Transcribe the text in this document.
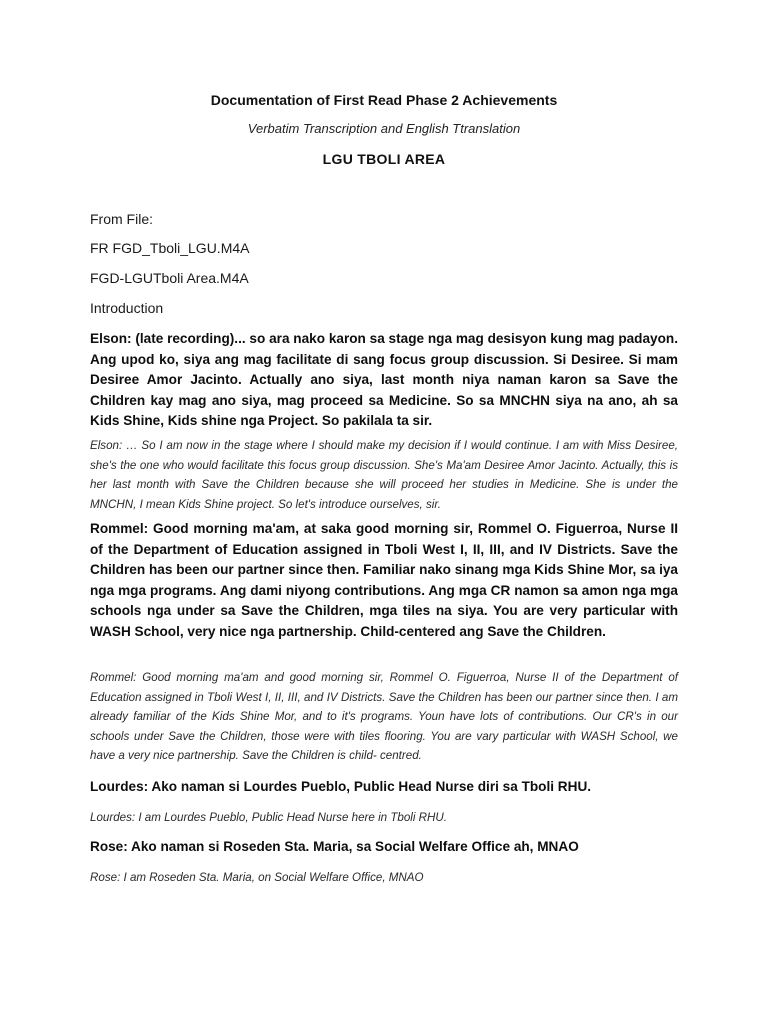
Documentation of First Read Phase 2 Achievements
Verbatim Transcription and English Ttranslation
LGU TBOLI AREA
From File:
FR FGD_Tboli_LGU.M4A
FGD-LGUTboli Area.M4A
Introduction
Elson: (late recording)... so ara nako karon sa stage nga mag desisyon kung mag padayon. Ang upod ko, siya ang mag facilitate di sang focus group discussion. Si Desiree. Si mam Desiree Amor Jacinto. Actually ano siya, last month niya naman karon sa Save the Children kay mag ano siya, mag proceed sa Medicine. So sa MNCHN siya na ano, ah sa Kids Shine, Kids shine nga Project. So pakilala ta sir.
Elson: … So I am now in the stage where I should make my decision if I would continue. I am with Miss Desiree, she's the one who would facilitate this focus group discussion. She's Ma'am Desiree Amor Jacinto. Actually, this is her last month with Save the Children because she will proceed her studies in Medicine. She is under the MNCHN, I mean Kids Shine project. So let's introduce ourselves, sir.
Rommel: Good morning ma'am, at saka good morning sir, Rommel O. Figuerroa, Nurse II of the Department of Education assigned in Tboli West I, II, III, and IV Districts. Save the Children has been our partner since then. Familiar nako sinang mga Kids Shine Mor, sa iya nga mga programs. Ang dami niyong contributions. Ang mga CR namon sa amon nga mga schools nga under sa Save the Children, mga tiles na siya. You are very particular with WASH School, very nice nga partnership. Child-centered ang Save the Children.
Rommel: Good morning ma'am and good morning sir, Rommel O. Figuerroa, Nurse II of the Department of Education assigned in Tboli West I, II, III, and IV Districts. Save the Children has been our partner since then. I am already familiar of the Kids Shine Mor, and to it's programs. Youn have lots of contributions. Our CR's in our schools under Save the Children, those were with tiles flooring. You are vary particular with WASH School, we have a very nice partnership. Save the Children is child- centred.
Lourdes: Ako naman si Lourdes Pueblo, Public Head Nurse diri sa Tboli RHU.
Lourdes: I am Lourdes Pueblo, Public Head Nurse here in Tboli RHU.
Rose: Ako naman si Roseden Sta. Maria, sa Social Welfare Office ah, MNAO
Rose: I am Roseden Sta. Maria, on Social Welfare Office, MNAO
